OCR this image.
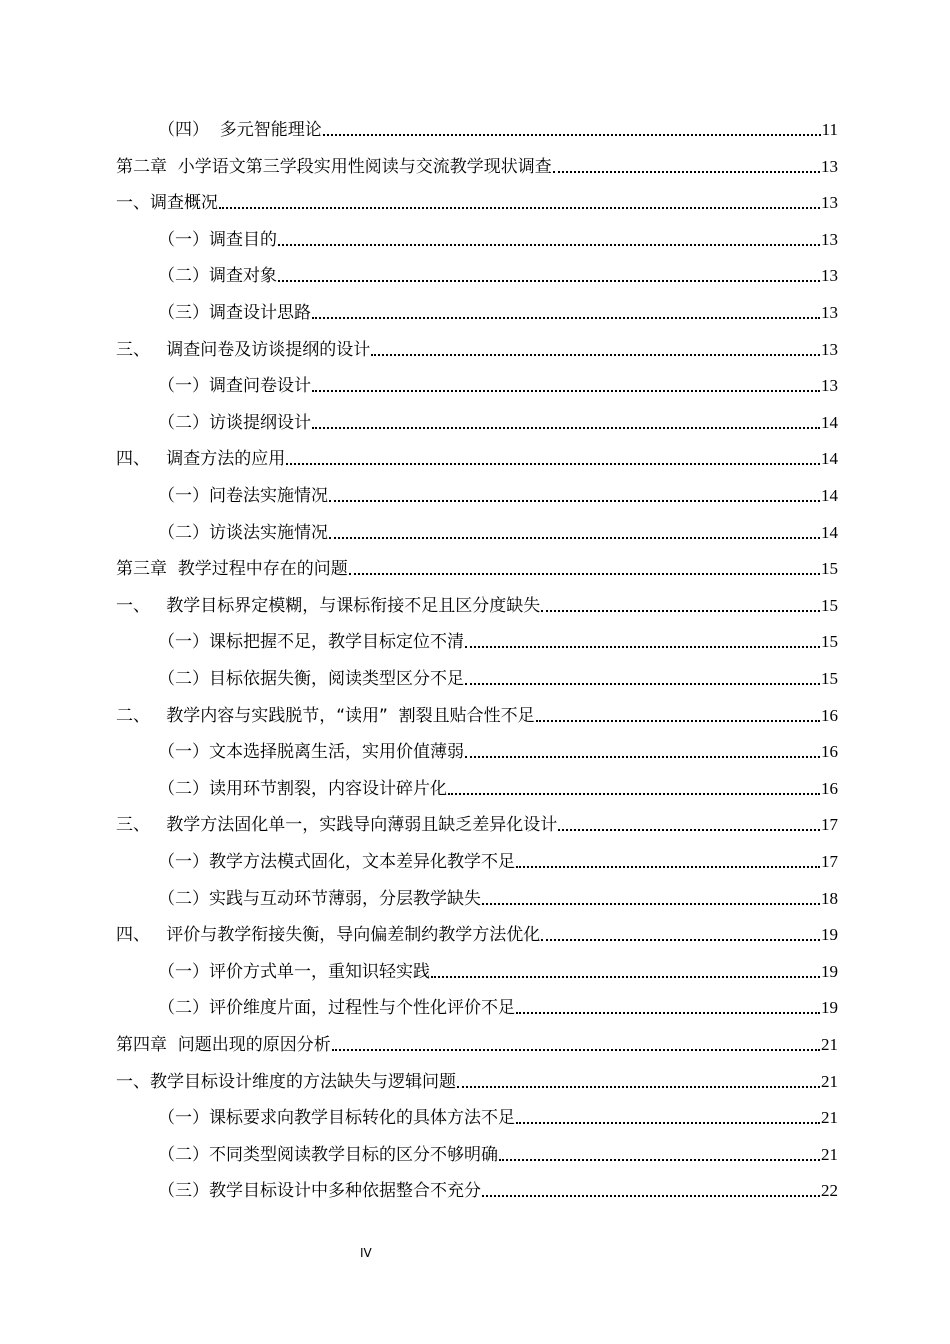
（四）  多元智能理论	11
第二章  小学语文第三学段实用性阅读与交流教学现状调查	13
一、调查概况	13
（一）调查目的	13
（二）调查对象	13
（三）调查设计思路	13
三、   调查问卷及访谈提纲的设计	13
（一）调查问卷设计	13
（二）访谈提纲设计	14
四、   调查方法的应用	14
（一）问卷法实施情况	14
（二）访谈法实施情况	14
第三章  教学过程中存在的问题	15
一、   教学目标界定模糊，与课标衔接不足且区分度缺失	15
（一）课标把握不足，教学目标定位不清	15
（二）目标依据失衡，阅读类型区分不足	15
二、   教学内容与实践脱节，“读用”  割裂且贴合性不足	16
（一）文本选择脱离生活，实用价值薄弱	16
（二）读用环节割裂，内容设计碎片化	16
三、   教学方法固化单一，实践导向薄弱且缺乏差异化设计	17
（一）教学方法模式固化，文本差异化教学不足	17
（二）实践与互动环节薄弱，分层教学缺失	18
四、   评价与教学衔接失衡，导向偏差制约教学方法优化	19
（一）评价方式单一，重知识轻实践	19
（二）评价维度片面，过程性与个性化评价不足	19
第四章  问题出现的原因分析	21
一、教学目标设计维度的方法缺失与逻辑问题	21
（一）课标要求向教学目标转化的具体方法不足	21
（二）不同类型阅读教学目标的区分不够明确	21
（三）教学目标设计中多种依据整合不充分	22
IV
